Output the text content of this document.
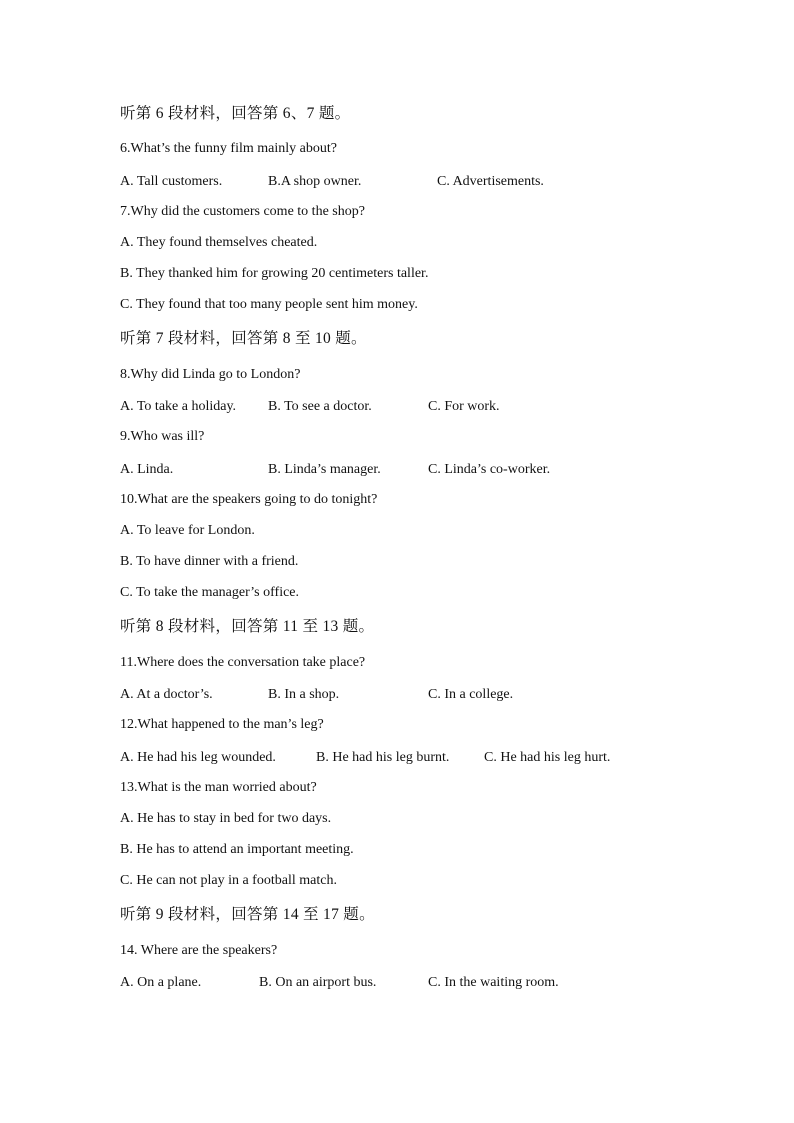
听第 6 段材料，回答第 6、7 题。
6.What’s the funny film mainly about?
A. Tall customers.	B.A shop owner.	C. Advertisements.
7.Why did the customers come to the shop?
A. They found themselves cheated.
B. They thanked him for growing 20 centimeters taller.
C. They found that too many people sent him money.
听第 7 段材料，回答第 8 至 10 题。
8.Why did Linda go to London?
A. To take a holiday. B. To see a doctor.	C. For work.
9.Who was ill?
A. Linda.	B. Linda’s manager.	C. Linda’s co-worker.
10.What are the speakers going to do tonight?
A. To leave for London.
B. To have dinner with a friend.
C. To take the manager’s office.
听第 8 段材料，回答第 11 至 13 题。
11.Where does the conversation take place?
A. At a doctor’s.	B. In a shop.	C. In a college.
12.What happened to the man’s leg?
A. He had his leg wounded.	B. He had his leg burnt. C. He had his leg hurt.
13.What is the man worried about?
A. He has to stay in bed for two days.
B. He has to attend an important meeting.
C. He can not play in a football match.
听第 9 段材料，回答第 14 至 17 题。
14. Where are the speakers?
A. On a plane.	B. On an airport bus.	C. In the waiting room.
